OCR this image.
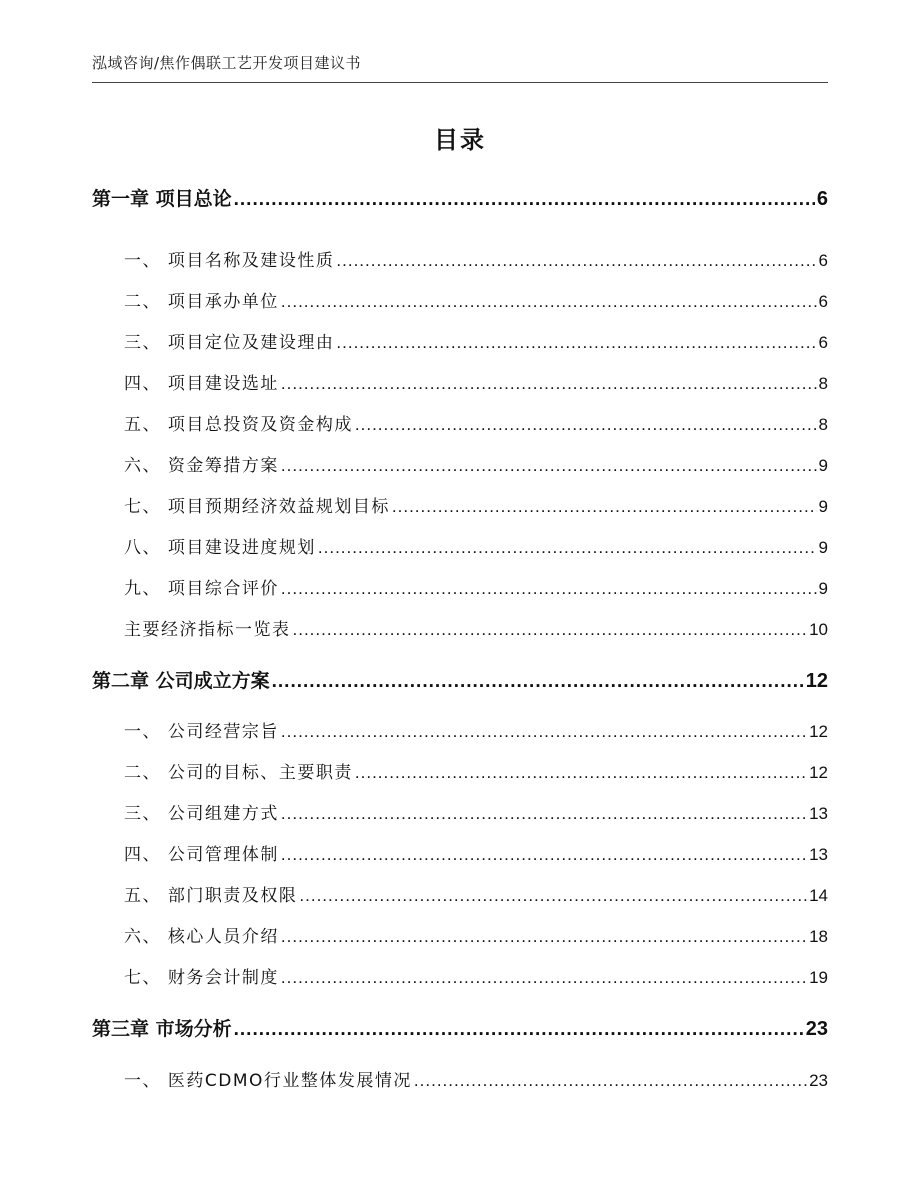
泓域咨询/焦作偶联工艺开发项目建议书
目录
第一章 项目总论 .....	6
一、 项目名称及建设性质 .....	6
二、 项目承办单位 .....	6
三、 项目定位及建设理由 .....	6
四、 项目建设选址 .....	8
五、 项目总投资及资金构成 .....	8
六、 资金筹措方案 .....	9
七、 项目预期经济效益规划目标 .....	9
八、 项目建设进度规划 .....	9
九、 项目综合评价 .....	9
主要经济指标一览表 .....	10
第二章 公司成立方案 .....	12
一、 公司经营宗旨 .....	12
二、 公司的目标、主要职责 .....	12
三、 公司组建方式 .....	13
四、 公司管理体制 .....	13
五、 部门职责及权限 .....	14
六、 核心人员介绍 .....	18
七、 财务会计制度 .....	19
第三章 市场分析 .....	23
一、 医药CDMO行业整体发展情况 .....	23
